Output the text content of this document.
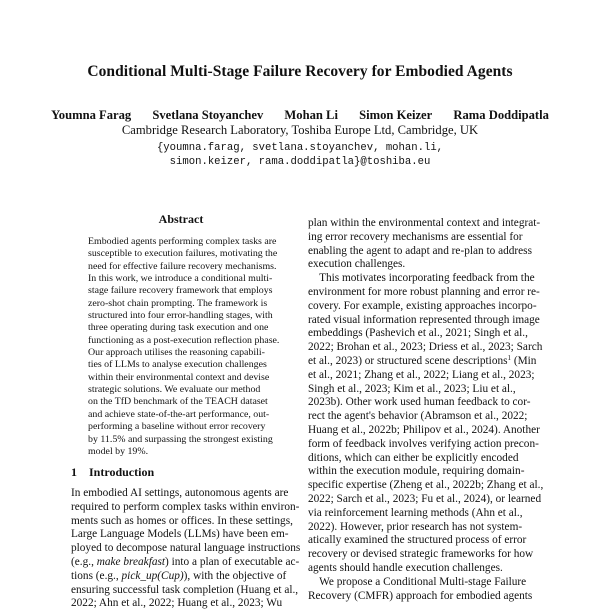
Conditional Multi-Stage Failure Recovery for Embodied Agents
Youmna Farag Svetlana Stoyanchev Mohan Li Simon Keizer Rama Doddipatla
Cambridge Research Laboratory, Toshiba Europe Ltd, Cambridge, UK
{youmna.farag, svetlana.stoyanchev, mohan.li,
simon.keizer, rama.doddipatla}@toshiba.eu
Abstract
Embodied agents performing complex tasks are
susceptible to execution failures, motivating the
need for effective failure recovery mechanisms.
In this work, we introduce a conditional multi-
stage failure recovery framework that employs
zero-shot chain prompting. The framework is
structured into four error-handling stages, with
three operating during task execution and one
functioning as a post-execution reflection phase.
Our approach utilises the reasoning capabili-
ties of LLMs to analyse execution challenges
within their environmental context and devise
strategic solutions. We evaluate our method
on the TfD benchmark of the TEACH dataset
and achieve state-of-the-art performance, out-
performing a baseline without error recovery
by 11.5% and surpassing the strongest existing
model by 19%.
1 Introduction
In embodied AI settings, autonomous agents are
required to perform complex tasks within environ-
ments such as homes or offices. In these settings,
Large Language Models (LLMs) have been em-
ployed to decompose natural language instructions
(e.g., make breakfast) into a plan of executable ac-
tions (e.g., pick_up(Cup)), with the objective of
ensuring successful task completion (Huang et al.,
2022; Ahn et al., 2022; Huang et al., 2023; Wu
plan within the environmental context and integrat-
ing error recovery mechanisms are essential for
enabling the agent to adapt and re-plan to address
execution challenges.
This motivates incorporating feedback from the
environment for more robust planning and error re-
covery. For example, existing approaches incorpo-
rated visual information represented through image
embeddings (Pashevich et al., 2021; Singh et al.,
2022; Brohan et al., 2023; Driess et al., 2023; Sarch
et al., 2023) or structured scene descriptions$^1$ (Min
et al., 2021; Zhang et al., 2022; Liang et al., 2023;
Singh et al., 2023; Kim et al., 2023; Liu et al.,
2023b). Other work used human feedback to cor-
rect the agent's behavior (Abramson et al., 2022;
Huang et al., 2022b; Philipov et al., 2024). Another
form of feedback involves verifying action precon-
ditions, which can either be explicitly encoded
within the execution module, requiring domain-
specific expertise (Zheng et al., 2022b; Zhang et al.,
2022; Sarch et al., 2023; Fu et al., 2024), or learned
via reinforcement learning methods (Ahn et al.,
2022). However, prior research has not system-
atically examined the structured process of error
recovery or devised strategic frameworks for how
agents should handle execution challenges.
We propose a Conditional Multi-stage Failure
Recovery (CMFR) approach for embodied agents
